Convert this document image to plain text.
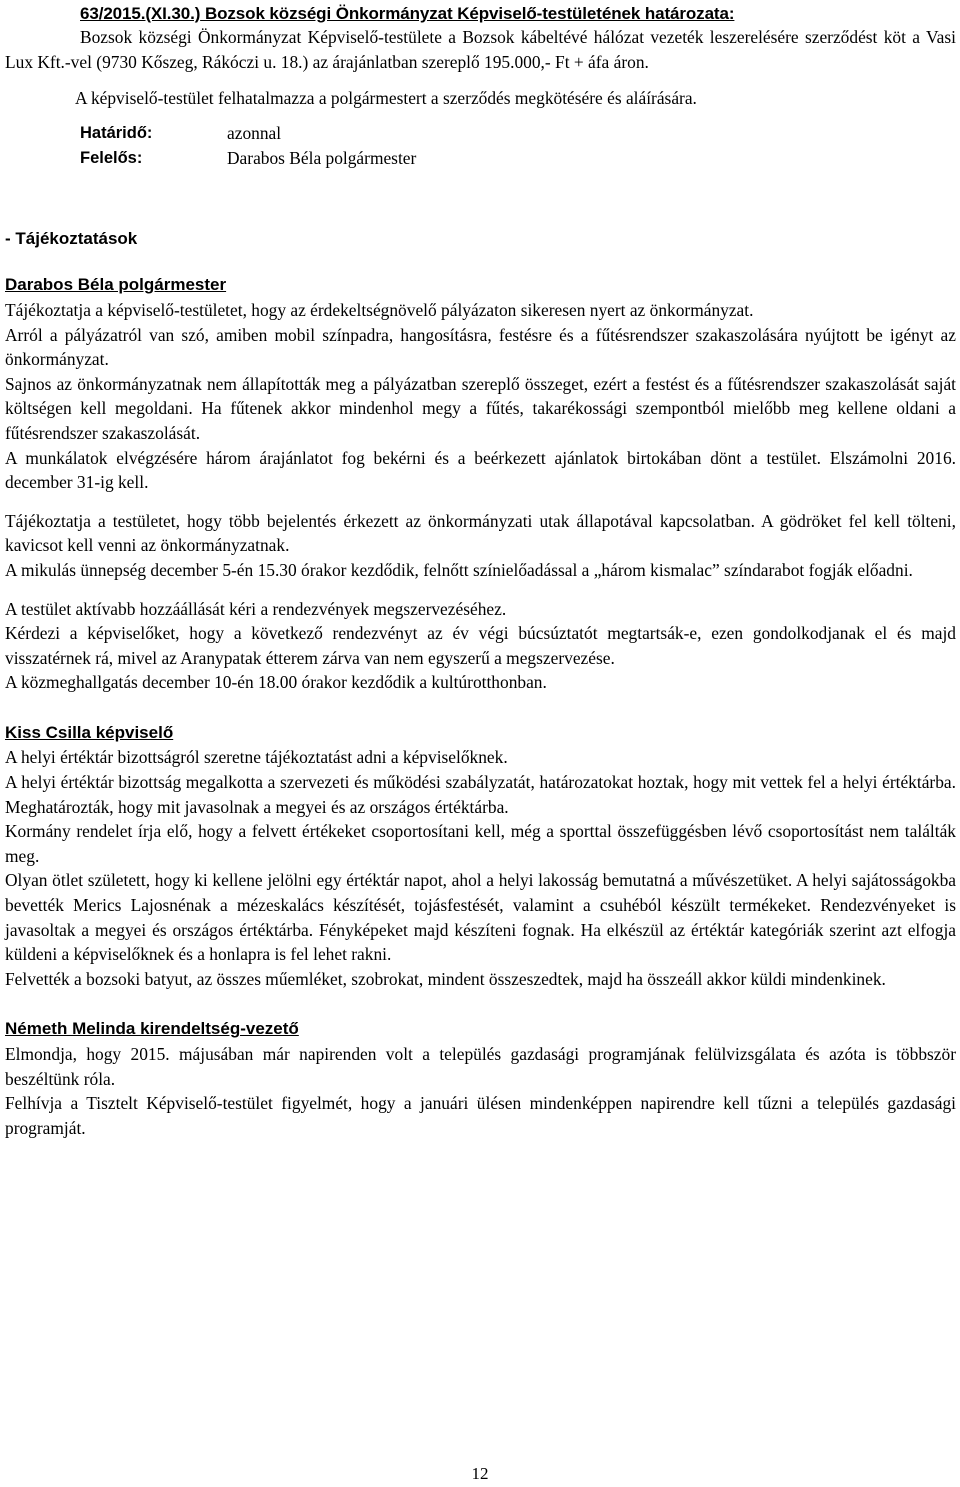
63/2015.(XI.30.) Bozsok községi Önkormányzat Képviselő-testületének határozata:

Bozsok községi Önkormányzat Képviselő-testülete a Bozsok kábeltévé hálózat vezeték leszerelésére szerződést köt a Vasi Lux Kft.-vel (9730 Kőszeg, Rákóczi u. 18.) az árajánlatban szereplő 195.000,- Ft + áfa áron.

A képviselő-testület felhatalmazza a polgármestert a szerződés megkötésére és aláírására.

Határidő:	azonnal
Felelős:	Darabos Béla polgármester

- Tájékoztatások

Darabos Béla polgármester

Tájékoztatja a képviselő-testületet, hogy az érdekeltségnövelő pályázaton sikeresen nyert az önkormányzat.

Arról a pályázatról van szó, amiben mobil színpadra, hangosításra, festésre és a fűtésrendszer szakaszolására nyújtott be igényt az önkormányzat.

Sajnos az önkormányzatnak nem állapították meg a pályázatban szereplő összeget, ezért a festést és a fűtésrendszer szakaszolását saját költségen kell megoldani. Ha fűtenek akkor mindenhol megy a fűtés, takarékossági szempontból mielőbb meg kellene oldani a fűtésrendszer szakaszolását.

A munkálatok elvégzésére három árajánlatot fog bekérni és a beérkezett ajánlatok birtokában dönt a testület. Elszámolni 2016. december 31-ig kell.

Tájékoztatja a testületet, hogy több bejelentés érkezett az önkormányzati utak állapotával kapcsolatban. A gödröket fel kell tölteni, kavicsot kell venni az önkormányzatnak.

A mikulás ünnepség december 5-én 15.30 órakor kezdődik, felnőtt színielőadással a „három kismalac” színdarabot fogják előadni.

A testület aktívabb hozzáállását kéri a rendezvények megszervezéséhez.

Kérdezi a képviselőket, hogy a következő rendezvényt az év végi búcsúztatót megtartsák-e, ezen gondolkodjanak el és majd visszatérnek rá, mivel az Aranypatak étterem zárva van nem egyszerű a megszervezése.

A közmeghallgatás december 10-én 18.00 órakor kezdődik a kultúrotthonban.

Kiss Csilla képviselő

A helyi értéktár bizottságról szeretne tájékoztatást adni a képviselőknek.

A helyi értéktár bizottság megalkotta a szervezeti és működési szabályzatát, határozatokat hoztak, hogy mit vettek fel a helyi értéktárba. Meghatározták, hogy mit javasolnak a megyei és az országos értéktárba.

Kormány rendelet írja elő, hogy a felvett értékeket csoportosítani kell, még a sporttal összefüggésben lévő csoportosítást nem találták meg.

Olyan ötlet született, hogy ki kellene jelölni egy értéktár napot, ahol a helyi lakosság bemutatná a művészetüket. A helyi sajátosságokba bevették Merics Lajosnénak a mézeskalács készítését, tojásfestését, valamint a csuhéból készült termékeket. Rendezvényeket is javasoltak a megyei és országos értéktárba. Fényképeket majd készíteni fognak. Ha elkészül az értéktár kategóriák szerint azt elfogja küldeni a képviselőknek és a honlapra is fel lehet rakni.

Felvették a bozsoki batyut, az összes műemléket, szobrokat, mindent összeszedtek, majd ha összeáll akkor küldi mindenkinek.

Németh Melinda kirendeltség-vezető

Elmondja, hogy 2015. májusában már napirenden volt a település gazdasági programjának felülvizsgálata és azóta is többször beszéltünk róla.

Felhívja a Tisztelt Képviselő-testület figyelmét, hogy a januári ülésen mindenképpen napirendre kell tűzni a település gazdasági programját.

12
